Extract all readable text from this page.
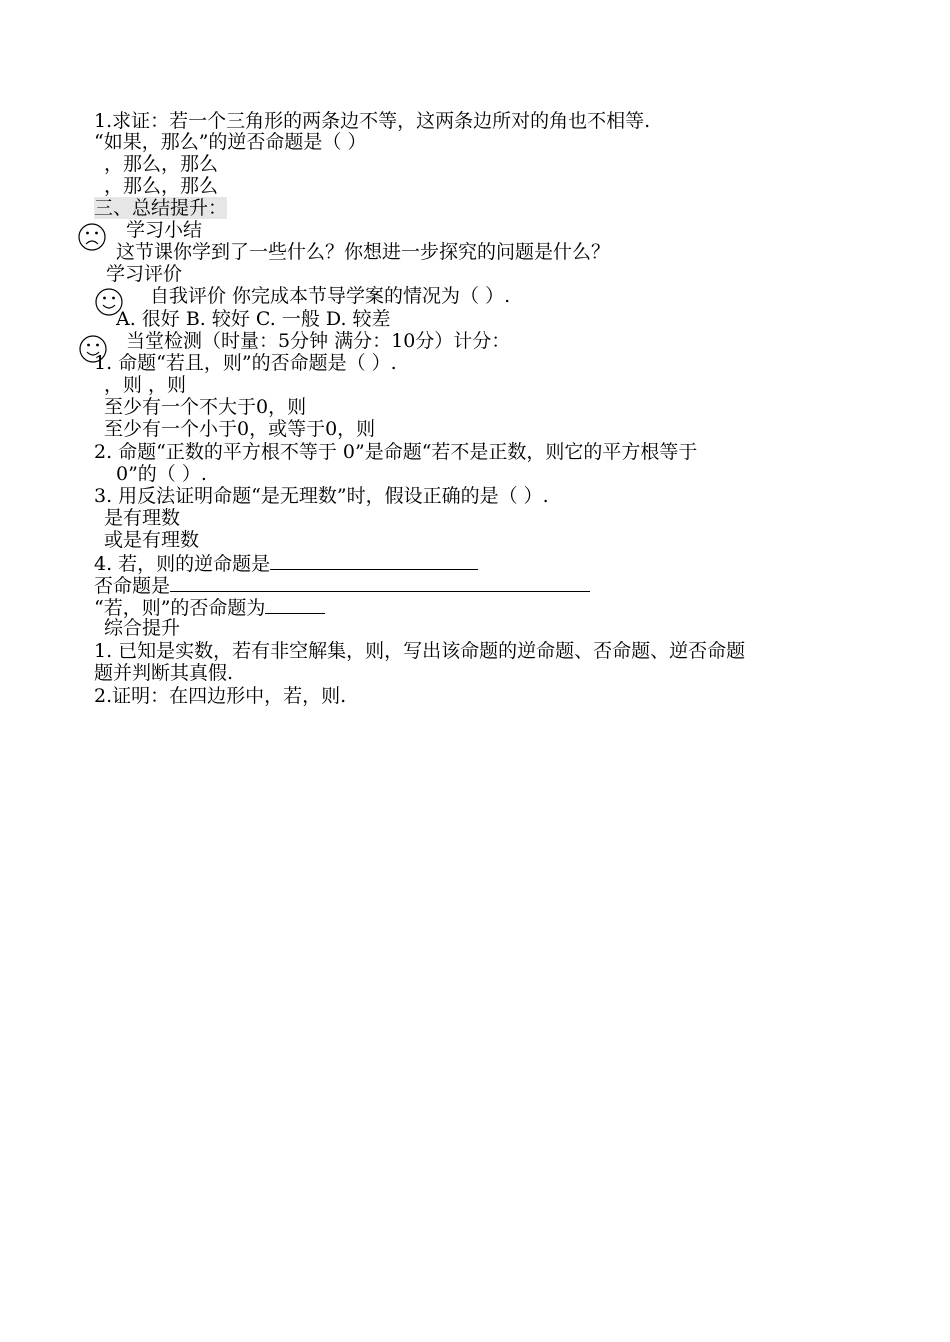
1.求证：若一个三角形的两条边不等，这两条边所对的角也不相等.
“如果，那么”的逆否命题是（ ）
，那么，那么
，那么，那么
三、总结提升：
学习小结
这节课你学到了一些什么？你想进一步探究的问题是什么？
学习评价
自我评价 你完成本节导学案的情况为（ ）.
A. 很好 B. 较好 C. 一般 D. 较差
当堂检测（时量：5分钟 满分：10分）计分：
1. 命题“若且，则”的否命题是（ ）.
，则 ，则
至少有一个不大于0，则
至少有一个小于0，或等于0，则
2. 命题“正数的平方根不等于 0”是命题“若不是正数，则它的平方根等于
0”的（ ）.
3. 用反法证明命题“是无理数”时，假设正确的是（ ）.
是有理数
或是有理数
4. 若，则的逆命题是
否命题是
“若，则”的否命题为
综合提升
1. 已知是实数，若有非空解集，则，写出该命题的逆命题、否命题、逆否命题
题并判断其真假.
2.证明：在四边形中，若，则.
